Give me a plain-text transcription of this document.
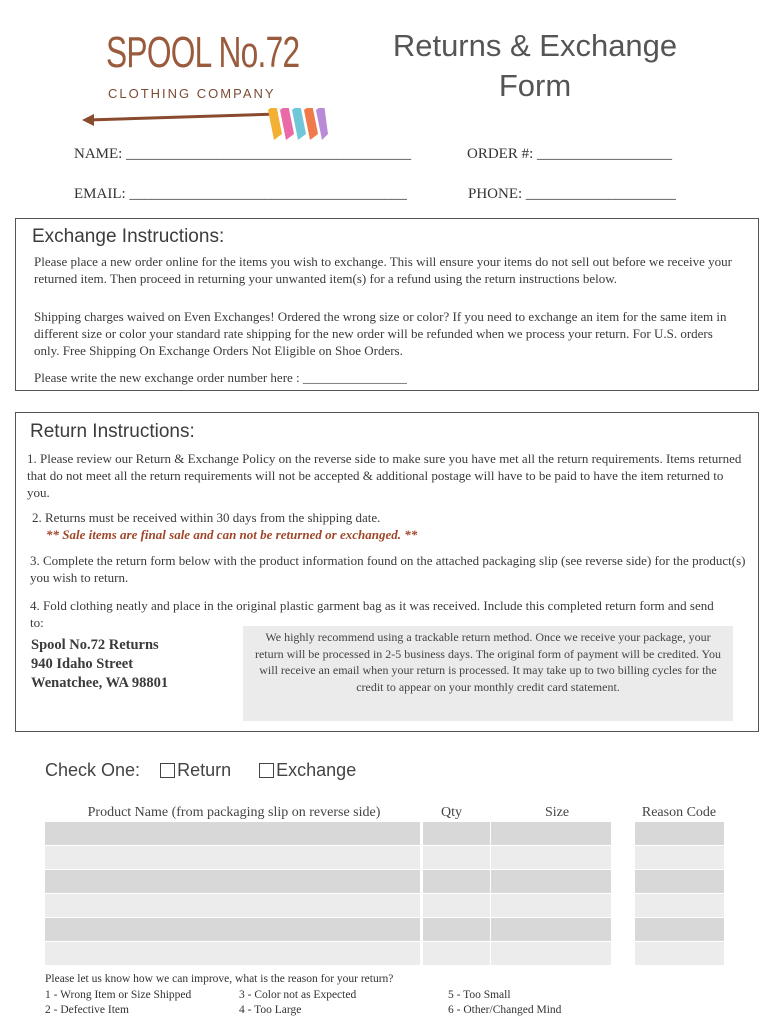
SPOOL No.72
CLOTHING COMPANY
Returns & Exchange
Form
NAME: ______________________________________	ORDER #: __________________
EMAIL: _____________________________________	PHONE: ____________________
Exchange Instructions:
Please place a new order online for the items you wish to exchange. This will ensure your items do not sell out before we receive your returned item. Then proceed in returning your unwanted item(s) for a refund using the return instructions below.
Shipping charges waived on Even Exchanges! Ordered the wrong size or color? If you need to exchange an item for the same item in different size or color your standard rate shipping for the new order will be refunded when we process your return. For U.S. orders only. Free Shipping On Exchange Orders Not Eligible on Shoe Orders.
Please write the new exchange order number here : ________________
Return Instructions:
1. Please review our Return & Exchange Policy on the reverse side to make sure you have met all the return requirements. Items returned that do not meet all the return requirements will not be accepted & additional postage will have to be paid to have the item returned to you.
2. Returns must be received within 30 days from the shipping date.
** Sale items are final sale and can not be returned or exchanged. **
3. Complete the return form below with the product information found on the attached packaging slip (see reverse side) for the product(s) you wish to return.
4. Fold clothing neatly and place in the original plastic garment bag as it was received. Include this completed return form and send to:
Spool No.72 Returns
940 Idaho Street
Wenatchee, WA 98801
We highly recommend using a trackable return method. Once we receive your package, your return will be processed in 2-5 business days. The original form of payment will be credited. You will receive an email when your return is processed. It may take up to two billing cycles for the credit to appear on your monthly credit card statement.
Check One: Return	Exchange
Product Name (from packaging slip on reverse side)	Qty	Size	Reason Code
Please let us know how we can improve, what is the reason for your return?
1 - Wrong Item or Size Shipped
2 - Defective Item
3 - Color not as Expected
4 - Too Large
5 - Too Small
6 - Other/Changed Mind
